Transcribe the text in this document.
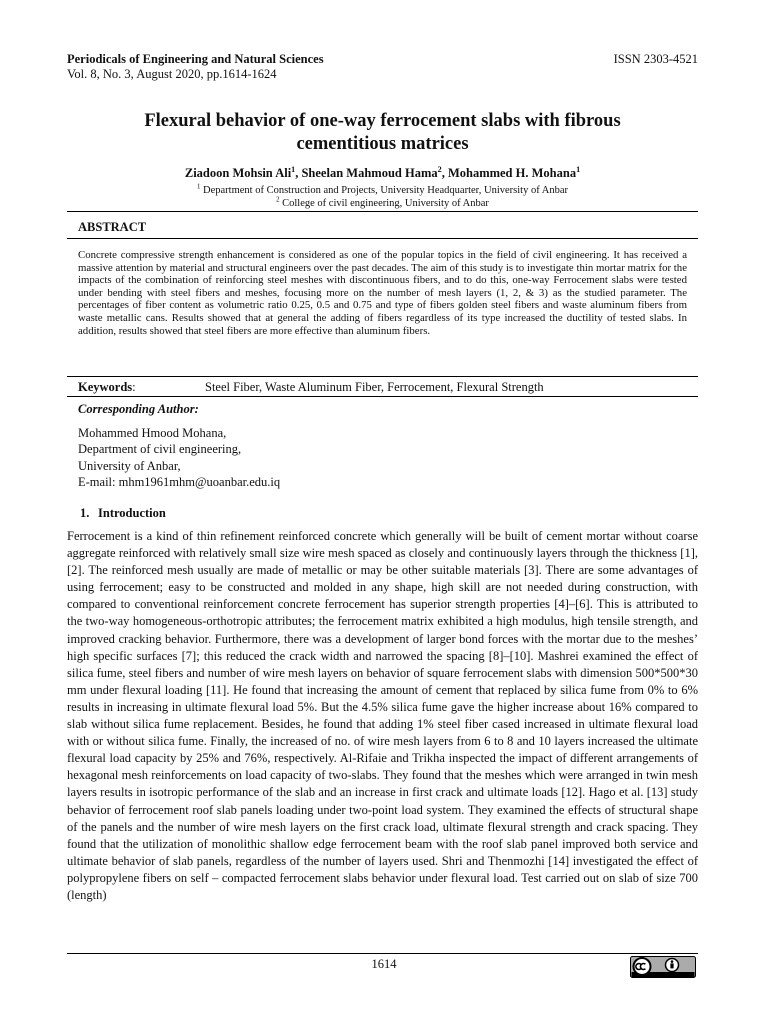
Periodicals of Engineering and Natural Sciences	ISSN 2303-4521
Vol. 8, No. 3, August 2020, pp.1614-1624
Flexural behavior of one-way ferrocement slabs with fibrous
cementitious matrices
Ziadoon Mohsin Ali$^1$, Sheelan Mahmoud Hama$^2$, Mohammed H. Mohana$^1$
$^1$ Department of Construction and Projects, University Headquarter, University of Anbar
$^2$ College of civil engineering, University of Anbar
ABSTRACT
Concrete compressive strength enhancement is considered as one of the popular topics in the field of civil engineering. It has received a massive attention by material and structural engineers over the past decades. The aim of this study is to investigate thin mortar matrix for the impacts of the combination of reinforcing steel meshes with discontinuous fibers, and to do this, one-way Ferrocement slabs were tested under bending with steel fibers and meshes, focusing more on the number of mesh layers (1, 2, & 3) as the studied parameter. The percentages of fiber content as volumetric ratio 0.25, 0.5 and 0.75 and type of fibers golden steel fibers and waste aluminum fibers from waste metallic cans. Results showed that at general the adding of fibers regardless of its type increased the ductility of tested slabs. In addition, results showed that steel fibers are more effective than aluminum fibers.
Keywords:	Steel Fiber, Waste Aluminum Fiber, Ferrocement, Flexural Strength
Corresponding Author:
Mohammed Hmood Mohana,
Department of civil engineering,
University of Anbar,
E-mail: mhm1961mhm@uoanbar.edu.iq
1. Introduction
Ferrocement is a kind of thin refinement reinforced concrete which generally will be built of cement mortar without coarse aggregate reinforced with relatively small size wire mesh spaced as closely and continuously layers through the thickness [1], [2]. The reinforced mesh usually are made of metallic or may be other suitable materials [3]. There are some advantages of using ferrocement; easy to be constructed and molded in any shape, high skill are not needed during construction, with compared to conventional reinforcement concrete ferrocement has superior strength properties [4]–[6]. This is attributed to the two-way homogeneous-orthotropic attributes; the ferrocement matrix exhibited a high modulus, high tensile strength, and improved cracking behavior. Furthermore, there was a development of larger bond forces with the mortar due to the meshes’ high specific surfaces [7]; this reduced the crack width and narrowed the spacing [8]–[10]. Mashrei examined the effect of silica fume, steel fibers and number of wire mesh layers on behavior of square ferrocement slabs with dimension 500*500*30 mm under flexural loading [11]. He found that increasing the amount of cement that replaced by silica fume from 0% to 6% results in increasing in ultimate flexural load 5%. But the 4.5% silica fume gave the higher increase about 16% compared to slab without silica fume replacement. Besides, he found that adding 1% steel fiber cased increased in ultimate flexural load with or without silica fume. Finally, the increased of no. of wire mesh layers from 6 to 8 and 10 layers increased the ultimate flexural load capacity by 25% and 76%, respectively. Al-Rifaie and Trikha inspected the impact of different arrangements of hexagonal mesh reinforcements on load capacity of two-slabs. They found that the meshes which were arranged in twin mesh layers results in isotropic performance of the slab and an increase in first crack and ultimate loads [12]. Hago et al. [13] study behavior of ferrocement roof slab panels loading under two-point load system. They examined the effects of structural shape of the panels and the number of wire mesh layers on the first crack load, ultimate flexural strength and crack spacing. They found that the utilization of monolithic shallow edge ferrocement beam with the roof slab panel improved both service and ultimate behavior of slab panels, regardless of the number of layers used. Shri and Thenmozhi [14] investigated the effect of polypropylene fibers on self – compacted ferrocement slabs behavior under flexural load. Test carried out on slab of size 700 (length)
1614
